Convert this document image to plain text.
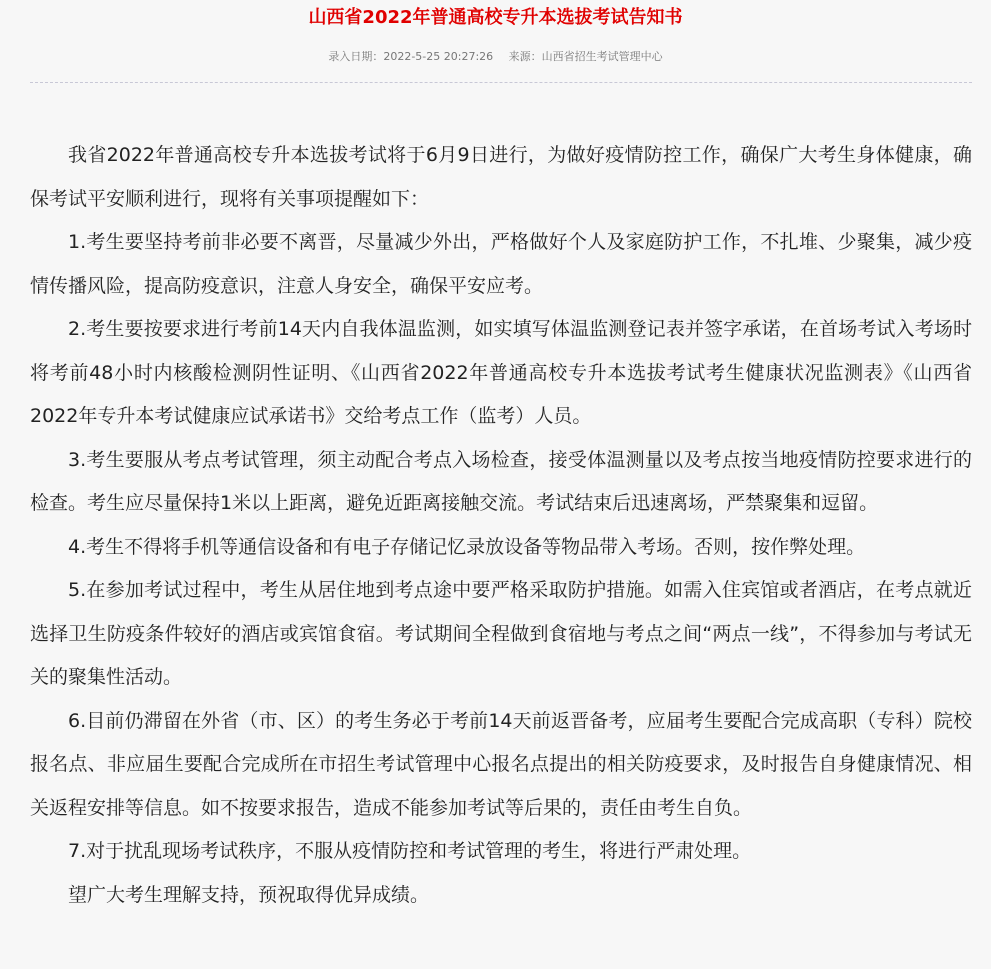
山西省2022年普通高校专升本选拔考试告知书
录入日期：2022-5-25 20:27:26 来源：山西省招生考试管理中心

我省2022年普通高校专升本选拔考试将于6月9日进行，为做好疫情防控工作，确保广大考生身体健康，确保考试平安顺利进行，现将有关事项提醒如下：

1.考生要坚持考前非必要不离晋，尽量减少外出，严格做好个人及家庭防护工作，不扎堆、少聚集，减少疫情传播风险，提高防疫意识，注意人身安全，确保平安应考。

2.考生要按要求进行考前14天内自我体温监测，如实填写体温监测登记表并签字承诺，在首场考试入考场时将考前48小时内核酸检测阴性证明、《山西省2022年普通高校专升本选拔考试考生健康状况监测表》《山西省2022年专升本考试健康应试承诺书》交给考点工作（监考）人员。

3.考生要服从考点考试管理，须主动配合考点入场检查，接受体温测量以及考点按当地疫情防控要求进行的检查。考生应尽量保持1米以上距离，避免近距离接触交流。考试结束后迅速离场，严禁聚集和逗留。

4.考生不得将手机等通信设备和有电子存储记忆录放设备等物品带入考场。否则，按作弊处理。

5.在参加考试过程中，考生从居住地到考点途中要严格采取防护措施。如需入住宾馆或者酒店，在考点就近选择卫生防疫条件较好的酒店或宾馆食宿。考试期间全程做到食宿地与考点之间“两点一线”，不得参加与考试无关的聚集性活动。

6.目前仍滞留在外省（市、区）的考生务必于考前14天前返晋备考，应届考生要配合完成高职（专科）院校报名点、非应届生要配合完成所在市招生考试管理中心报名点提出的相关防疫要求，及时报告自身健康情况、相关返程安排等信息。如不按要求报告，造成不能参加考试等后果的，责任由考生自负。

7.对于扰乱现场考试秩序，不服从疫情防控和考试管理的考生，将进行严肃处理。

望广大考生理解支持，预祝取得优异成绩。
